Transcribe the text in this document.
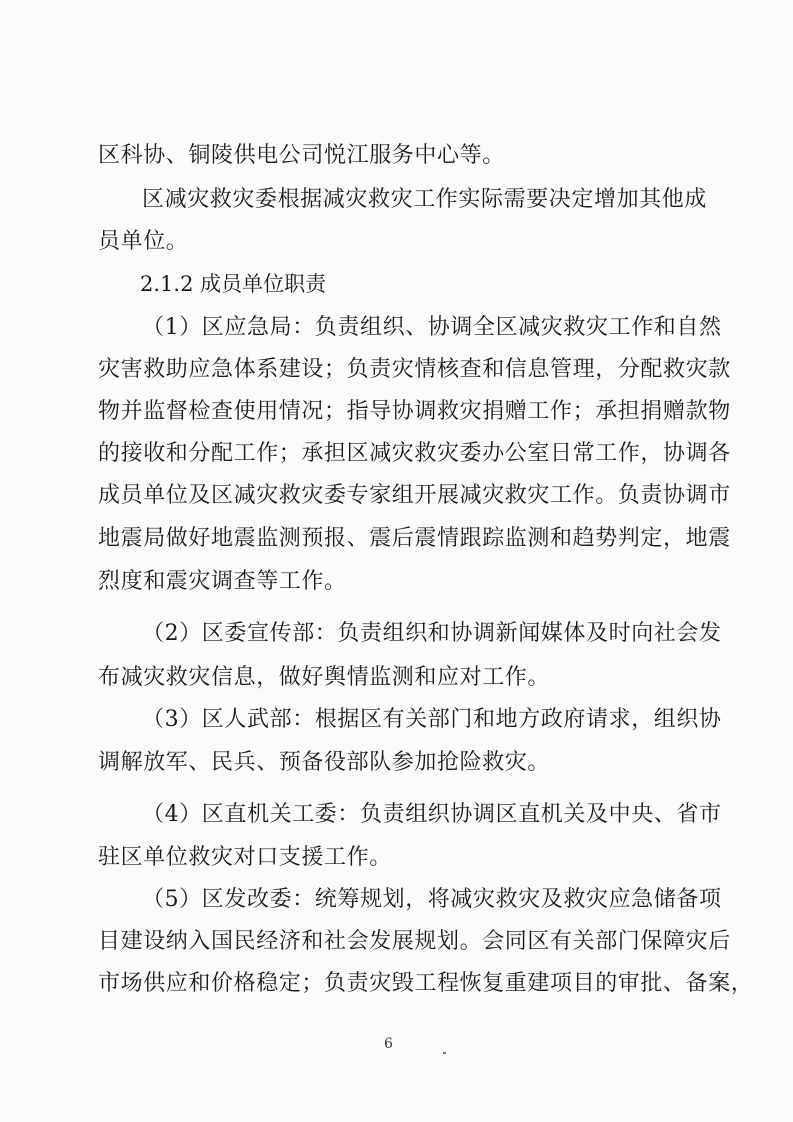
区科协、铜陵供电公司悦江服务中心等。
区减灾救灾委根据减灾救灾工作实际需要决定增加其他成
员单位。
2.1.2 成员单位职责
（1）区应急局：负责组织、协调全区减灾救灾工作和自然
灾害救助应急体系建设；负责灾情核查和信息管理，分配救灾款
物并监督检查使用情况；指导协调救灾捐赠工作；承担捐赠款物
的接收和分配工作；承担区减灾救灾委办公室日常工作，协调各
成员单位及区减灾救灾委专家组开展减灾救灾工作。负责协调市
地震局做好地震监测预报、震后震情跟踪监测和趋势判定，地震
烈度和震灾调查等工作。
（2）区委宣传部：负责组织和协调新闻媒体及时向社会发
布减灾救灾信息，做好舆情监测和应对工作。
（3）区人武部：根据区有关部门和地方政府请求，组织协
调解放军、民兵、预备役部队参加抢险救灾。
（4）区直机关工委：负责组织协调区直机关及中央、省市
驻区单位救灾对口支援工作。
（5）区发改委：统筹规划，将减灾救灾及救灾应急储备项
目建设纳入国民经济和社会发展规划。会同区有关部门保障灾后
市场供应和价格稳定；负责灾毁工程恢复重建项目的审批、备案，
6
